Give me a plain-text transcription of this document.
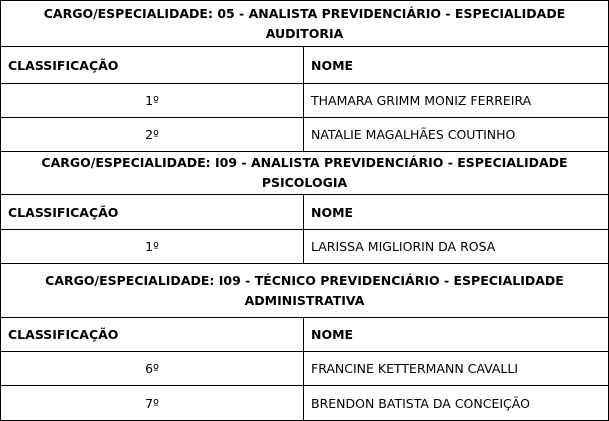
CARGO/ESPECIALIDADE: 05 - ANALISTA PREVIDENCIÁRIO - ESPECIALIDADE AUDITORIA
CLASSIFICAÇÃO	NOME
1º	THAMARA GRIMM MONIZ FERREIRA
2º	NATALIE MAGALHÃES COUTINHO
CARGO/ESPECIALIDADE: I09 - ANALISTA PREVIDENCIÁRIO - ESPECIALIDADE PSICOLOGIA
CLASSIFICAÇÃO	NOME
1º	LARISSA MIGLIORIN DA ROSA
CARGO/ESPECIALIDADE: I09 - TÉCNICO PREVIDENCIÁRIO - ESPECIALIDADE ADMINISTRATIVA
CLASSIFICAÇÃO	NOME
6º	FRANCINE KETTERMANN CAVALLI
7º	BRENDON BATISTA DA CONCEIÇÃO
